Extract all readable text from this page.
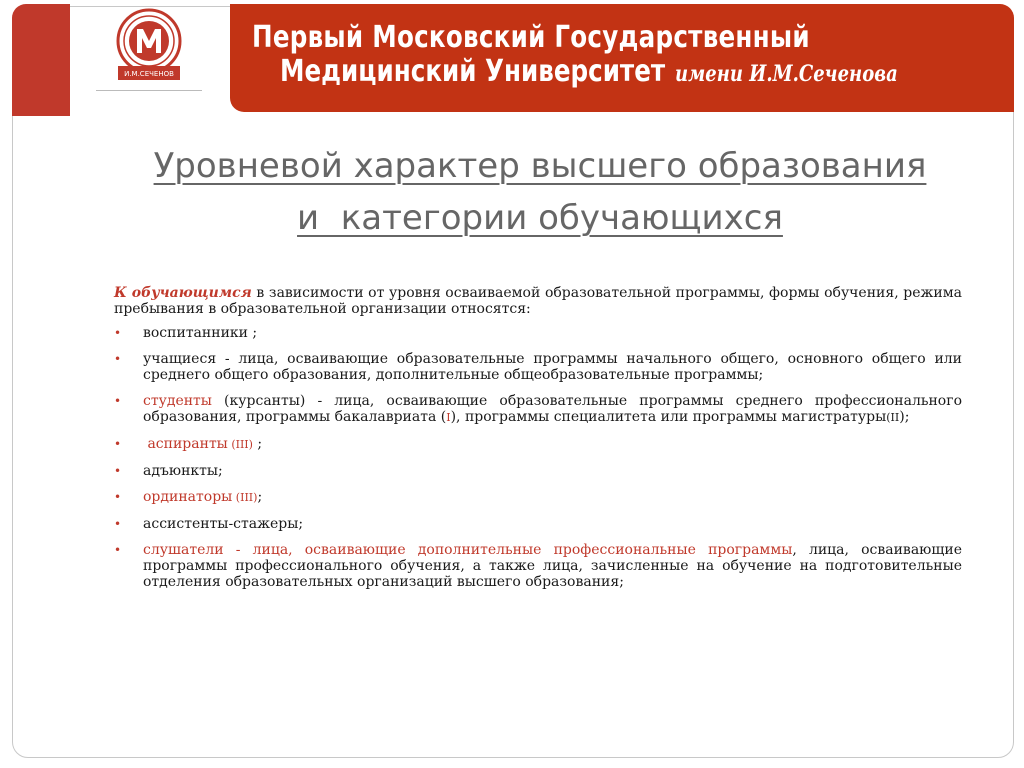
И.М.СЕЧЕНОВ
Первый Московский Государственный
Медицинский Университет имени И.М.Сеченова
Уровневой характер высшего образования
и  категории обучающихся

К обучающимся в зависимости от уровня осваиваемой образовательной программы, формы обучения, режима пребывания в образовательной организации относятся:

• воспитанники ;
• учащиеся - лица, осваивающие образовательные программы начального общего, основного общего или среднего общего образования, дополнительные общеобразовательные программы;
• студенты (курсанты) - лица, осваивающие образовательные программы среднего профессионального образования, программы бакалавриата (I), программы специалитета или программы магистратуры(II);
• аспиранты (III) ;
• адъюнкты;
• ординаторы (III);
• ассистенты-стажеры;
• слушатели - лица, осваивающие дополнительные профессиональные программы, лица, осваивающие программы профессионального обучения, а также лица, зачисленные на обучение на подготовительные отделения образовательных организаций высшего образования;
